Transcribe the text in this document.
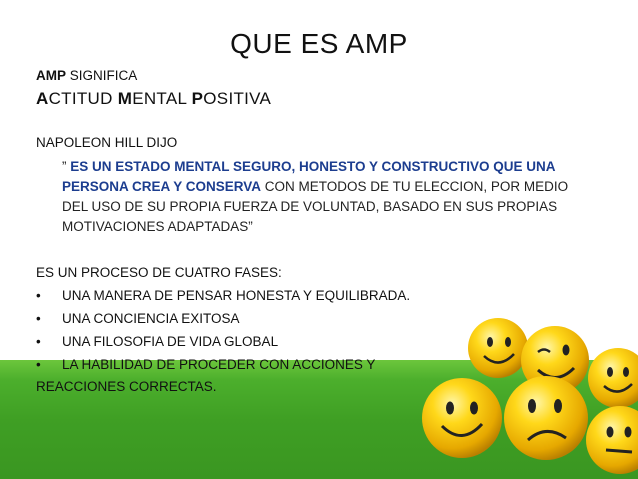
QUE ES AMP
AMP SIGNIFICA
ACTITUD MENTAL POSITIVA
NAPOLEON HILL DIJO
” ES UN ESTADO MENTAL SEGURO, HONESTO Y CONSTRUCTIVO QUE UNA PERSONA CREA Y CONSERVA CON METODOS DE TU ELECCION, POR MEDIO DEL USO DE SU PROPIA FUERZA DE VOLUNTAD, BASADO EN SUS PROPIAS MOTIVACIONES ADAPTADAS”
ES UN PROCESO DE CUATRO FASES:
• UNA MANERA DE PENSAR HONESTA Y EQUILIBRADA.
• UNA CONCIENCIA EXITOSA
• UNA FILOSOFIA DE VIDA GLOBAL
• LA HABILIDAD DE PROCEDER CON ACCIONES Y
REACCIONES CORRECTAS.
